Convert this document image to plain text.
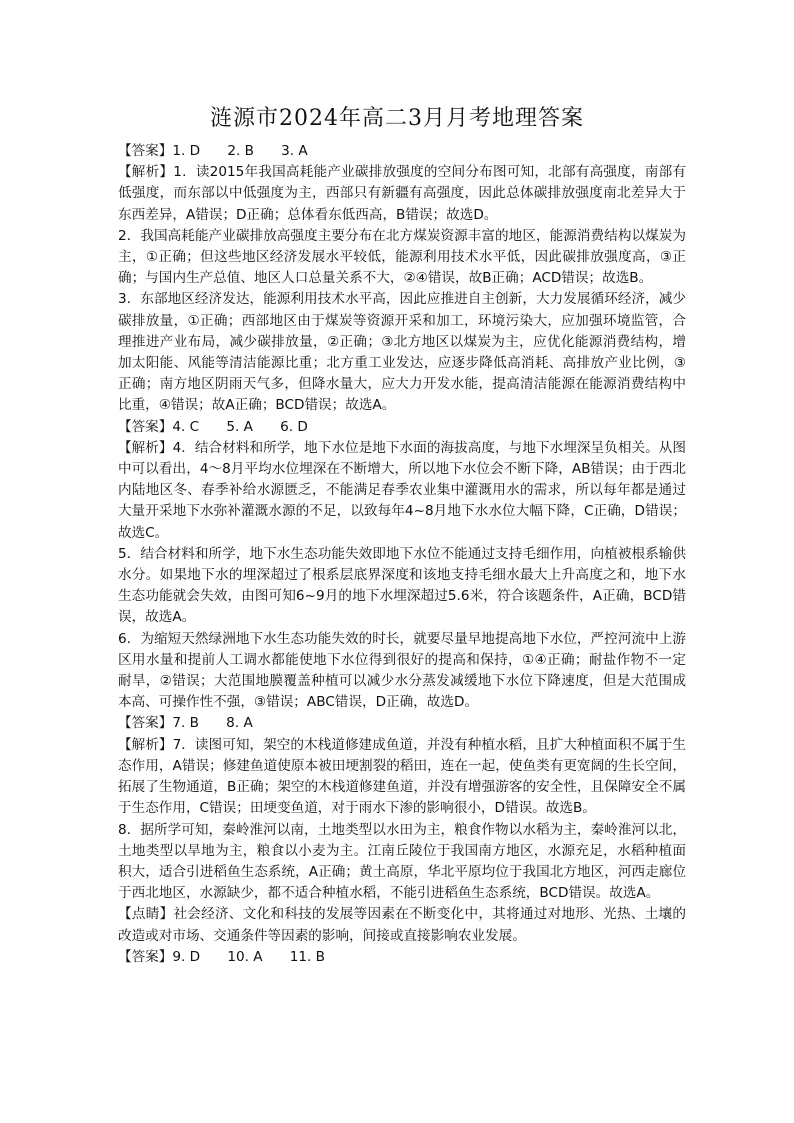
涟源市2024年高二3月月考地理答案

【答案】1. D　　2. B　　3. A

【解析】1．读2015年我国高耗能产业碳排放强度的空间分布图可知，北部有高强度，南部有低强度，而东部以中低强度为主，西部只有新疆有高强度，因此总体碳排放强度南北差异大于东西差异，A错误；D正确；总体看东低西高，B错误；故选D。

2．我国高耗能产业碳排放高强度主要分布在北方煤炭资源丰富的地区，能源消费结构以煤炭为主，①正确；但这些地区经济发展水平较低，能源利用技术水平低，因此碳排放强度高，③正确；与国内生产总值、地区人口总量关系不大，②④错误，故B正确；ACD错误；故选B。

3．东部地区经济发达，能源利用技术水平高，因此应推进自主创新，大力发展循环经济，减少碳排放量，①正确；西部地区由于煤炭等资源开采和加工，环境污染大，应加强环境监管，合理推进产业布局，减少碳排放量，②正确；③北方地区以煤炭为主，应优化能源消费结构，增加太阳能、风能等清洁能源比重；北方重工业发达，应逐步降低高消耗、高排放产业比例，③正确；南方地区阴雨天气多，但降水量大，应大力开发水能，提高清洁能源在能源消费结构中比重，④错误；故A正确；BCD错误；故选A。

【答案】4. C　　5. A　　6. D

【解析】4．结合材料和所学，地下水位是地下水面的海拔高度，与地下水埋深呈负相关。从图中可以看出，4～8月平均水位埋深在不断增大，所以地下水位会不断下降，AB错误；由于西北内陆地区冬、春季补给水源匮乏，不能满足春季农业集中灌溉用水的需求，所以每年都是通过大量开采地下水弥补灌溉水源的不足，以致每年4~8月地下水水位大幅下降，C正确，D错误；故选C。

5．结合材料和所学，地下水生态功能失效即地下水位不能通过支持毛细作用，向植被根系输供水分。如果地下水的埋深超过了根系层底界深度和该地支持毛细水最大上升高度之和，地下水生态功能就会失效，由图可知6~9月的地下水埋深超过5.6米，符合该题条件，A正确，BCD错误，故选A。

6．为缩短天然绿洲地下水生态功能失效的时长，就要尽量早地提高地下水位，严控河流中上游区用水量和提前人工调水都能使地下水位得到很好的提高和保持，①④正确；耐盐作物不一定耐旱，②错误；大范围地膜覆盖种植可以减少水分蒸发减缓地下水位下降速度，但是大范围成本高、可操作性不强，③错误；ABC错误，D正确，故选D。

【答案】7. B　　8. A

【解析】7．读图可知，架空的木栈道修建成鱼道，并没有种植水稻，且扩大种植面积不属于生态作用，A错误；修建鱼道使原本被田埂割裂的稻田，连在一起，使鱼类有更宽阔的生长空间，拓展了生物通道，B正确；架空的木栈道修建鱼道，并没有增强游客的安全性，且保障安全不属于生态作用，C错误；田埂变鱼道，对于雨水下渗的影响很小，D错误。故选B。

8．据所学可知，秦岭淮河以南，土地类型以水田为主，粮食作物以水稻为主，秦岭淮河以北，土地类型以旱地为主，粮食以小麦为主。江南丘陵位于我国南方地区，水源充足，水稻种植面积大，适合引进稻鱼生态系统，A正确；黄土高原，华北平原均位于我国北方地区，河西走廊位于西北地区，水源缺少，都不适合种植水稻，不能引进稻鱼生态系统，BCD错误。故选A。

【点睛】社会经济、文化和科技的发展等因素在不断变化中，其将通过对地形、光热、土壤的改造或对市场、交通条件等因素的影响，间接或直接影响农业发展。

【答案】9. D　　10. A　　11. B
